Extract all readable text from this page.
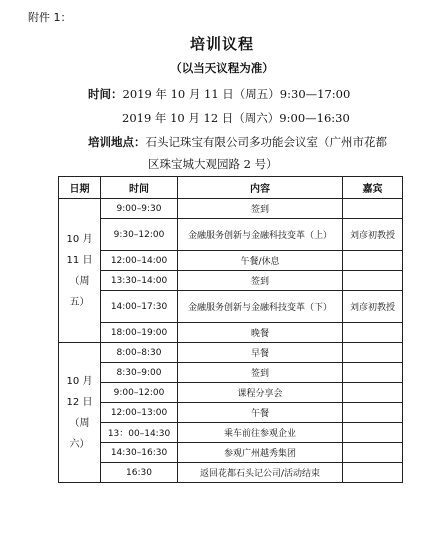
附件 1：
培训议程
（以当天议程为准）
时间：2019 年 10 月 11 日（周五）9:30—17:00
2019 年 10 月 12 日（周六）9:00—16:30
培训地点：石头记珠宝有限公司多功能会议室（广州市花都
区珠宝城大观园路 2 号）
日期	时间	内容	嘉宾

10 月
11 日
（周
五）	9:00–9:30	签到	
	9:30–12:00	金融服务创新与金融科技变革（上）	刘彦初教授
	12:00–14:00	午餐/休息	
	13:30–14:00	签到	
	14:00–17:30	金融服务创新与金融科技变革（下）	刘彦初教授
	18:00–19:00	晚餐	

10 月
12 日
（周
六）	8:00–8:30	早餐	
	8:30–9:00	签到	
	9:00–12:00	课程分享会	
	12:00–13:00	午餐	
	13：00–14:30	乘车前往参观企业	
	14:30–16:30	参观广州越秀集团	
	16:30	返回花都石头记公司/活动结束	
